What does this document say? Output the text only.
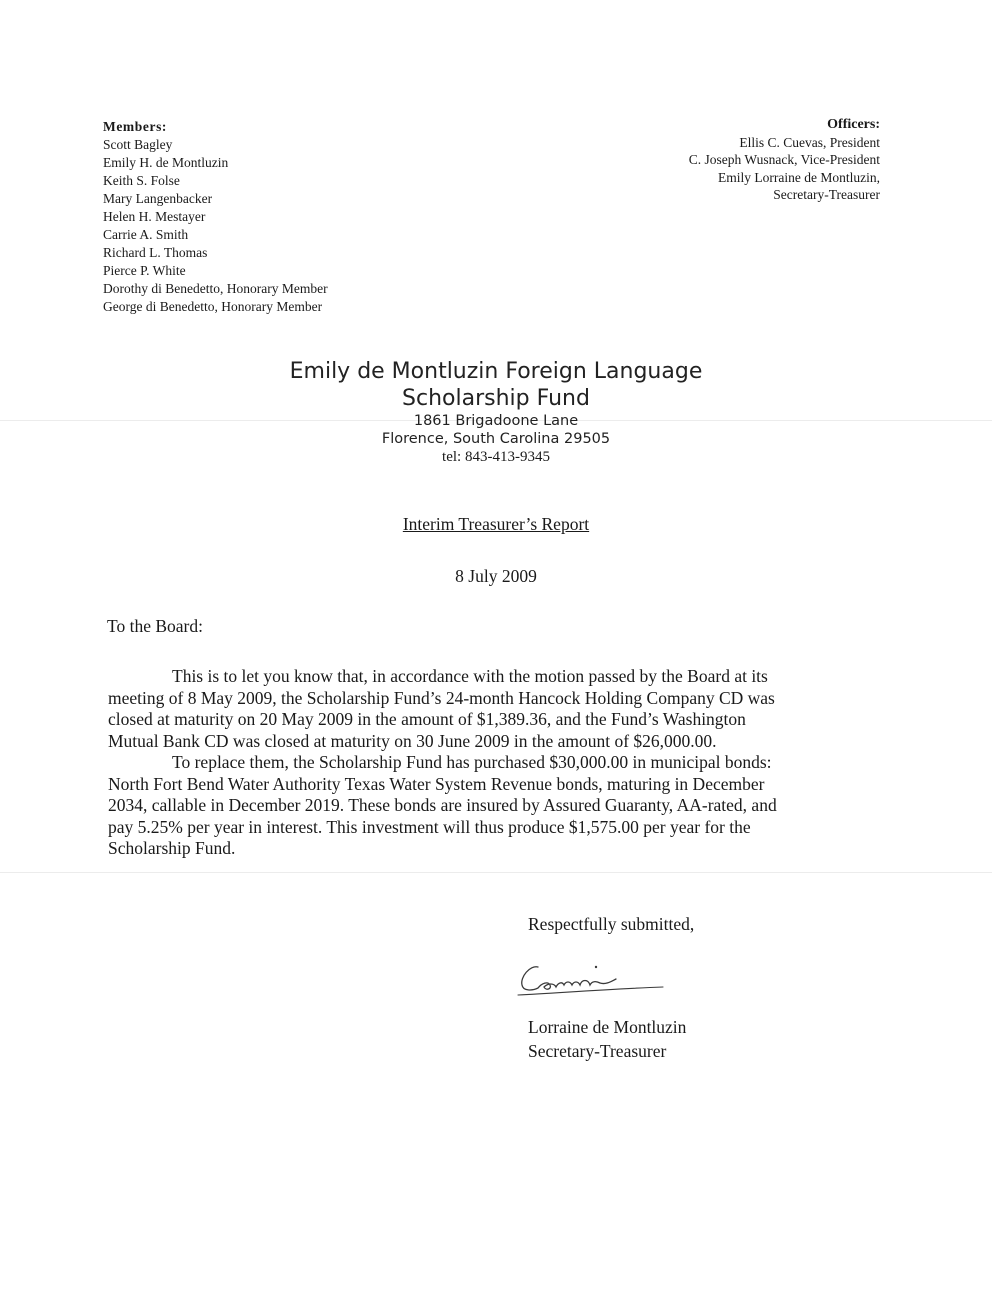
Members:
Scott Bagley
Emily H. de Montluzin
Keith S. Folse
Mary Langenbacker
Helen H. Mestayer
Carrie A. Smith
Richard L. Thomas
Pierce P. White
Dorothy di Benedetto, Honorary Member
George di Benedetto, Honorary Member
Officers:
Ellis C. Cuevas, President
C. Joseph Wusnack, Vice-President
Emily Lorraine de Montluzin,
Secretary-Treasurer
Emily de Montluzin Foreign Language
Scholarship Fund
1861 Brigadoone Lane
Florence, South Carolina 29505
tel: 843-413-9345
Interim Treasurer’s Report
8 July 2009
To the Board:
This is to let you know that, in accordance with the motion passed by the Board at its
meeting of 8 May 2009, the Scholarship Fund’s 24-month Hancock Holding Company CD was
closed at maturity on 20 May 2009 in the amount of $1,389.36, and the Fund’s Washington
Mutual Bank CD was closed at maturity on 30 June 2009 in the amount of $26,000.00.
To replace them, the Scholarship Fund has purchased $30,000.00 in municipal bonds:
North Fort Bend Water Authority Texas Water System Revenue bonds, maturing in December
2034, callable in December 2019. These bonds are insured by Assured Guaranty, AA-rated, and
pay 5.25% per year in interest. This investment will thus produce $1,575.00 per year for the
Scholarship Fund.
Respectfully submitted,
Lorraine de Montluzin
Secretary-Treasurer
